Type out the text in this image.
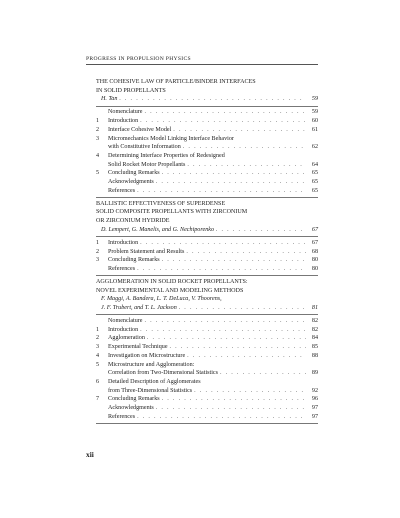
PROGRESS IN PROPULSION PHYSICS
THE COHESIVE LAW OF PARTICLE/BINDER INTERFACES
IN SOLID PROPELLANTS
H. Tan . . .	59
Nomenclature . . .	59
1	Introduction . . .	60
2	Interface Cohesive Model . . .	61
3	Micromechanics Model Linking Interface Behavior
with Constitutive Information . . .	62
4	Determining Interface Properties of Redesigned
Solid Rocket Motor Propellants . . .	64
5	Concluding Remarks . . .	65
Acknowledgments . . .	65
References . . .	65
BALLISTIC EFFECTIVENESS OF SUPERDENSE
SOLID COMPOSITE PROPELLANTS WITH ZIRCONIUM
OR ZIRCONIUM HYDRIDE
D. Lempert, G. Manelis, and G. Nechiporenko . . .	67
1	Introduction . . .	67
2	Problem Statement and Results . . .	68
3	Concluding Remarks . . .	80
References . . .	80
AGGLOMERATION IN SOLID ROCKET PROPELLANTS:
NOVEL EXPERIMENTAL AND MODELING METHODS
F. Maggi, A. Bandera, L. T. DeLuca, V. Thoorens,
J. F. Trubert, and T. L. Jackson . . .	81
Nomenclature . . .	82
1	Introduction . . .	82
2	Agglomeration . . .	84
3	Experimental Technique . . .	85
4	Investigation on Microstructure . . .	88
5	Microstructure and Agglomeration:
Correlation from Two-Dimensional Statistics . . .	89
6	Detailed Description of Agglomerates
from Three-Dimensional Statistics . . .	92
7	Concluding Remarks . . .	96
Acknowledgments . . .	97
References . . .	97
xii
